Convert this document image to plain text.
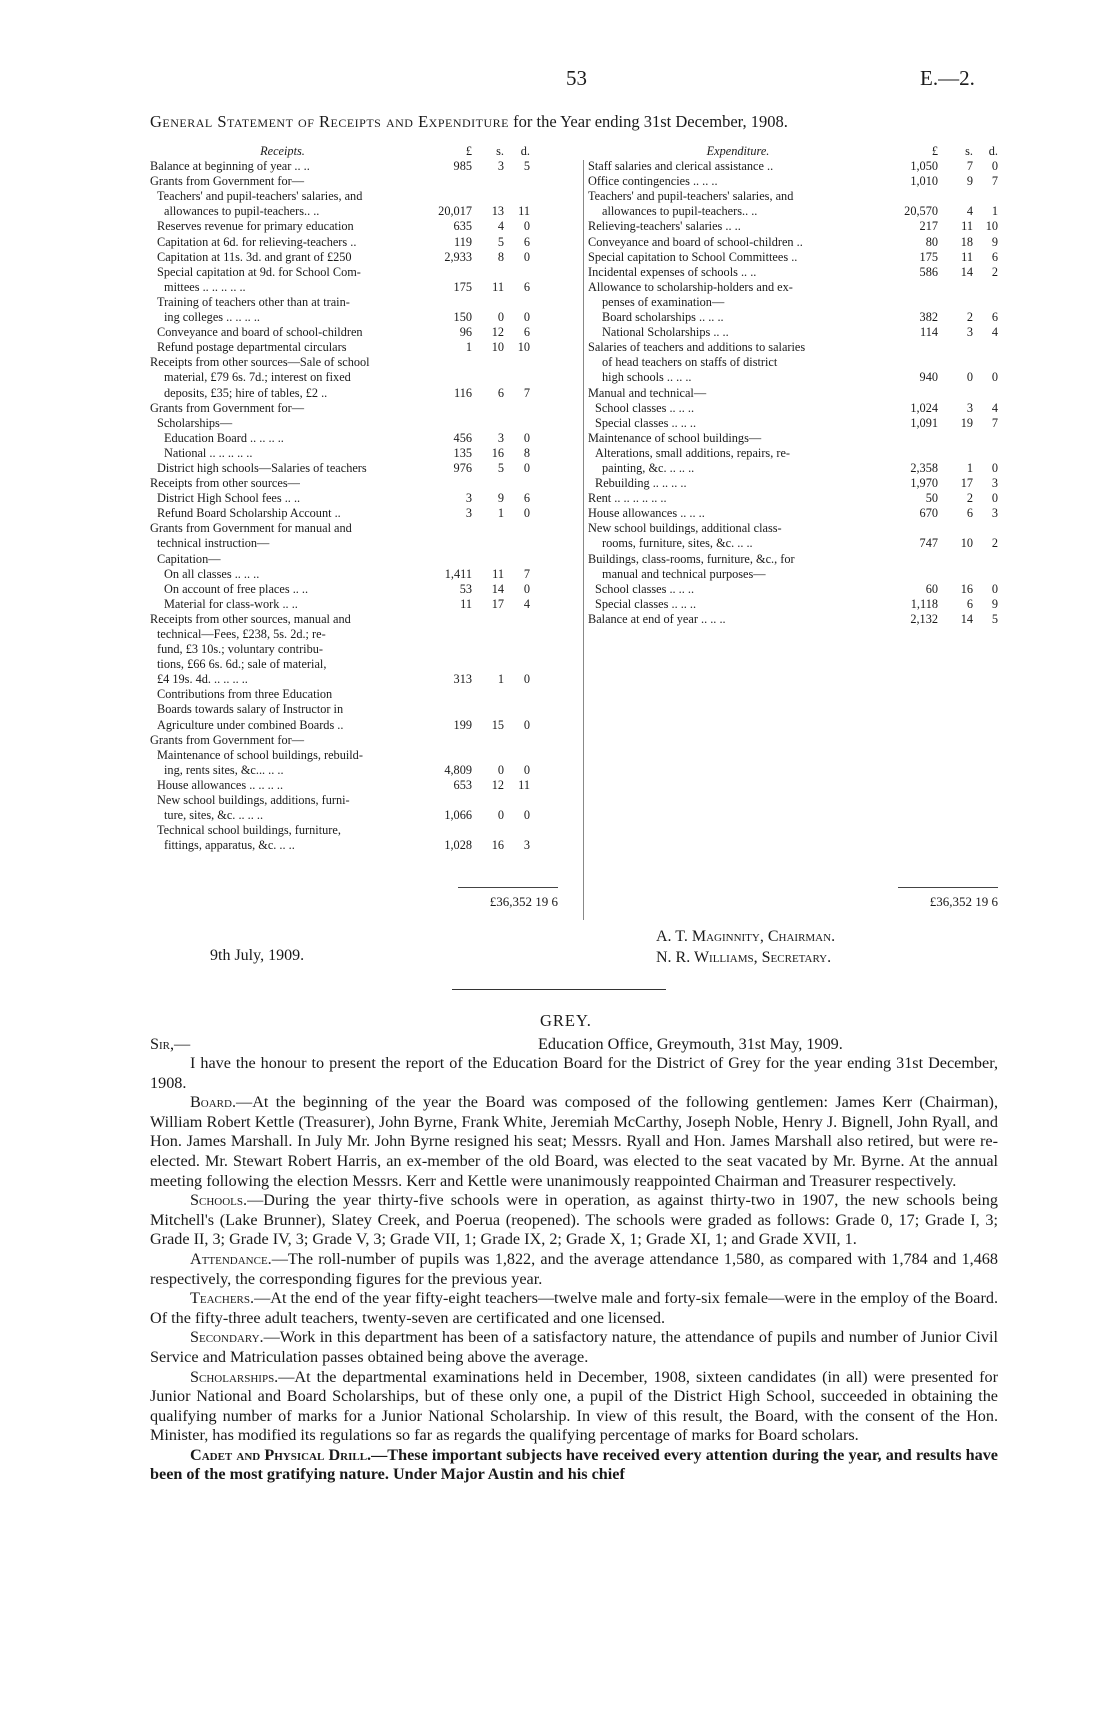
53	E.—2.
General Statement of Receipts and Expenditure for the Year ending 31st December, 1908.
Receipts.	£	s.	d.
Balance at beginning of year .. ..	985	3	5
Grants from Government for—
Teachers' and pupil-teachers' salaries, and
allowances to pupil-teachers.. ..	20,017	13	11
Reserves revenue for primary education	635	4	0
Capitation at 6d. for relieving-teachers ..	119	5	6
Capitation at 11s. 3d. and grant of £250	2,933	8	0
Special capitation at 9d. for School Com-
mittees .. .. .. .. ..	175	11	6
Training of teachers other than at train-
ing colleges .. .. .. ..	150	0	0
Conveyance and board of school-children	96	12	6
Refund postage departmental circulars	1	10	10
Receipts from other sources—Sale of school
material, £79 6s. 7d.; interest on fixed
deposits, £35; hire of tables, £2 ..	116	6	7
Grants from Government for—
Scholarships—
Education Board .. .. .. ..	456	3	0
National .. .. .. .. ..	135	16	8
District high schools—Salaries of teachers	976	5	0
Receipts from other sources—
District High School fees .. ..	3	9	6
Refund Board Scholarship Account ..	3	1	0
Grants from Government for manual and
technical instruction—
Capitation—
On all classes .. .. ..	1,411	11	7
On account of free places .. ..	53	14	0
Material for class-work .. ..	11	17	4
Receipts from other sources, manual and
technical—Fees, £238, 5s. 2d.; re-
fund, £3 10s.; voluntary contribu-
tions, £66 6s. 6d.; sale of material,
£4 19s. 4d. .. .. .. ..	313	1	0
Contributions from three Education
Boards towards salary of Instructor in
Agriculture under combined Boards ..	199	15	0
Grants from Government for—
Maintenance of school buildings, rebuild-
ing, rents sites, &c... .. ..	4,809	0	0
House allowances .. .. .. ..	653	12	11
New school buildings, additions, furni-
ture, sites, &c. .. .. ..	1,066	0	0
Technical school buildings, furniture,
fittings, apparatus, &c. .. ..	1,028	16	3
Expenditure.	£	s.	d.
Staff salaries and clerical assistance ..	1,050	7	0
Office contingencies .. .. ..	1,010	9	7
Teachers' and pupil-teachers' salaries, and
allowances to pupil-teachers.. ..	20,570	4	1
Relieving-teachers' salaries .. ..	217	11	10
Conveyance and board of school-children ..	80	18	9
Special capitation to School Committees ..	175	11	6
Incidental expenses of schools .. ..	586	14	2
Allowance to scholarship-holders and ex-
penses of examination—
Board scholarships .. .. ..	382	2	6
National Scholarships .. ..	114	3	4
Salaries of teachers and additions to salaries
of head teachers on staffs of district
high schools .. .. ..	940	0	0
Manual and technical—
School classes .. .. ..	1,024	3	4
Special classes .. .. ..	1,091	19	7
Maintenance of school buildings—
Alterations, small additions, repairs, re-
painting, &c. .. .. ..	2,358	1	0
Rebuilding .. .. .. ..	1,970	17	3
Rent .. .. .. .. .. ..	50	2	0
House allowances .. .. ..	670	6	3
New school buildings, additional class-
rooms, furniture, sites, &c. .. ..	747	10	2
Buildings, class-rooms, furniture, &c., for
manual and technical purposes—
School classes .. .. ..	60	16	0
Special classes .. .. ..	1,118	6	9
Balance at end of year .. .. ..	2,132	14	5
£36,352 19 6	£36,352 19 6
9th July, 1909.
A. T. Maginnity, Chairman.
N. R. Williams, Secretary.
GREY.
Sir,—	Education Office, Greymouth, 31st May, 1909.

I have the honour to present the report of the Education Board for the District of Grey for the year ending 31st December, 1908.

Board.—At the beginning of the year the Board was composed of the following gentlemen: James Kerr (Chairman), William Robert Kettle (Treasurer), John Byrne, Frank White, Jeremiah McCarthy, Joseph Noble, Henry J. Bignell, John Ryall, and Hon. James Marshall. In July Mr. John Byrne resigned his seat; Messrs. Ryall and Hon. James Marshall also retired, but were re-elected. Mr. Stewart Robert Harris, an ex-member of the old Board, was elected to the seat vacated by Mr. Byrne. At the annual meeting following the election Messrs. Kerr and Kettle were unanimously reappointed Chairman and Treasurer respectively.

Schools.—During the year thirty-five schools were in operation, as against thirty-two in 1907, the new schools being Mitchell's (Lake Brunner), Slatey Creek, and Poerua (reopened). The schools were graded as follows: Grade 0, 17; Grade I, 3; Grade II, 3; Grade IV, 3; Grade V, 3; Grade VII, 1; Grade IX, 2; Grade X, 1; Grade XI, 1; and Grade XVII, 1.

Attendance.—The roll-number of pupils was 1,822, and the average attendance 1,580, as compared with 1,784 and 1,468 respectively, the corresponding figures for the previous year.

Teachers.—At the end of the year fifty-eight teachers—twelve male and forty-six female—were in the employ of the Board. Of the fifty-three adult teachers, twenty-seven are certificated and one licensed.

Secondary.—Work in this department has been of a satisfactory nature, the attendance of pupils and number of Junior Civil Service and Matriculation passes obtained being above the average.

Scholarships.—At the departmental examinations held in December, 1908, sixteen candidates (in all) were presented for Junior National and Board Scholarships, but of these only one, a pupil of the District High School, succeeded in obtaining the qualifying number of marks for a Junior National Scholarship. In view of this result, the Board, with the consent of the Hon. Minister, has modified its regulations so far as regards the qualifying percentage of marks for Board scholars.

Cadet and Physical Drill.—These important subjects have received every attention during the year, and results have been of the most gratifying nature. Under Major Austin and his chief
